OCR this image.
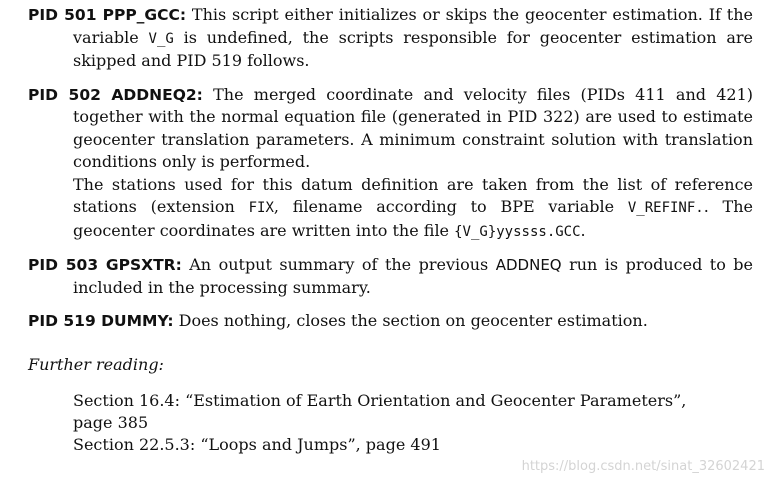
PID 501 PPP_GCC: This script either initializes or skips the geocenter estimation. If the variable V_G is undefined, the scripts responsible for geocenter estimation are skipped and PID 519 follows.

PID 502 ADDNEQ2: The merged coordinate and velocity files (PIDs 411 and 421) together with the normal equation file (generated in PID 322) are used to estimate geocenter translation parameters. A minimum constraint solution with translation conditions only is performed.
The stations used for this datum definition are taken from the list of reference stations (extension FIX, filename according to BPE variable V_REFINF.. The geocenter coordinates are written into the file {V_G}yyssss.GCC.

PID 503 GPSXTR: An output summary of the previous ADDNEQ run is produced to be included in the processing summary.

PID 519 DUMMY: Does nothing, closes the section on geocenter estimation.

Further reading:

Section 16.4: “Estimation of Earth Orientation and Geocenter Parameters”,
page 385

Section 22.5.3: “Loops and Jumps”, page 491

https://blog.csdn.net/sinat_32602421
